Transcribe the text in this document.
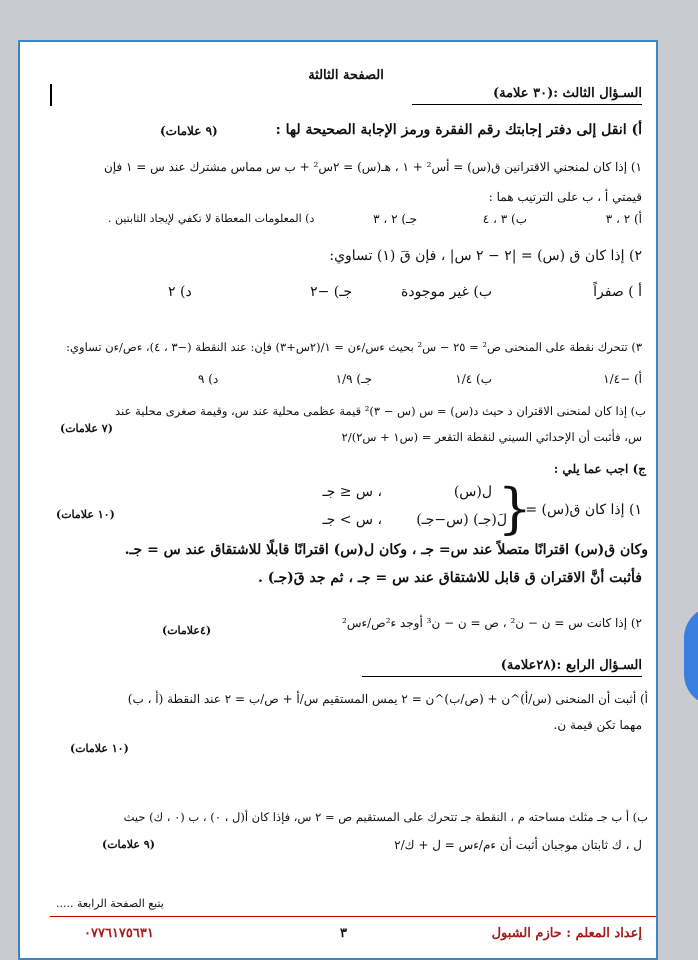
الصفحة الثالثة
السـؤال الثالث :(٣٠ علامة)
أ) انقل إلى دفتر إجابتك رقم الفقرة ورمز الإجابة الصحيحة لها :
(٩ علامات)
١) إذا كان لمنحني الاقترانين ق(س) = أس² + ١ ، هـ(س) = ٢س² + ب س مماس مشترك عند س = ١ فإن
قيمتي أ ، ب على الترتيب هما :
أ) ٢ ، ٣
ب) ٣ ، ٤
جـ) ٢ ، ٣
د) المعلومات المعطاة لا تكفي لإيجاد الثابتين .
٢) إذا كان ق (س) = |٢ − ٢ س| ، فإن قَ (١) تساوي:
أ ) صفراً
ب) غير موجودة
جـ) −٢
د) ٢
٣) تتحرك نقطة على المنحنى ص² = ٢٥ − س² بحيث ءس/ءن = ١/(٢س+٣) فإن: عند النقطة (−٣ ، ٤)، ءص/ءن تساوي:
أ) −١/٤
ب) ١/٤
جـ) ١/٩
د) ٩
ب) إذا كان لمنحنى الاقتران د حيث د(س) = س (س − ٣)² قيمة عظمى محلية عند س، وقيمة صغرى محلية عند
س، فأثبت أن الإحداثي السيني لنقطة التقعر = (س١ + س٢)/٢
(٧ علامات)
ج) اجب عما يلي :
١) إذا كان ق(س) =
{
ل(س)
، س ≤ جـ
لَ(جـ) (س−جـ)
، س > جـ
(١٠ علامات)
وكان ق(س) اقترانًا متصلاً عند س= جـ ، وكان ل(س) اقترانًا قابلًا للاشتقاق عند س = جـ.
فأثبت أنَّ الاقتران ق قابل للاشتقاق عند س = جـ ، ثم جد قَ(جـ) .
٢) إذا كانت س = ن − ن² ، ص = ن − ن³ أوجد ء²ص/ءس²
(٤علامات)
السـؤال الرابع :(٢٨علامة)
أ) أثبت أن المنحنى (س/أ)^ن + (ص/ب)^ن = ٢ يمس المستقيم س/أ + ص/ب = ٢ عند النقطة (أ ، ب)
مهما تكن قيمة ن.
(١٠ علامات)
ب) أ ب جـ مثلث مساحته م ، النقطة جـ تتحرك على المستقيم ص = ٢ س، فإذا كان أ(ل ، ٠) ، ب (٠ ، ك) حيث
ل ، ك ثابتان موجبان أثبت أن ءم/ءس = ل + ك/٢
(٩ علامات)
يتبع الصفحة الرابعة .....
إعداد المعلم : حازم الشبول
٣
٠٧٧٦١٧٥٦٣١
